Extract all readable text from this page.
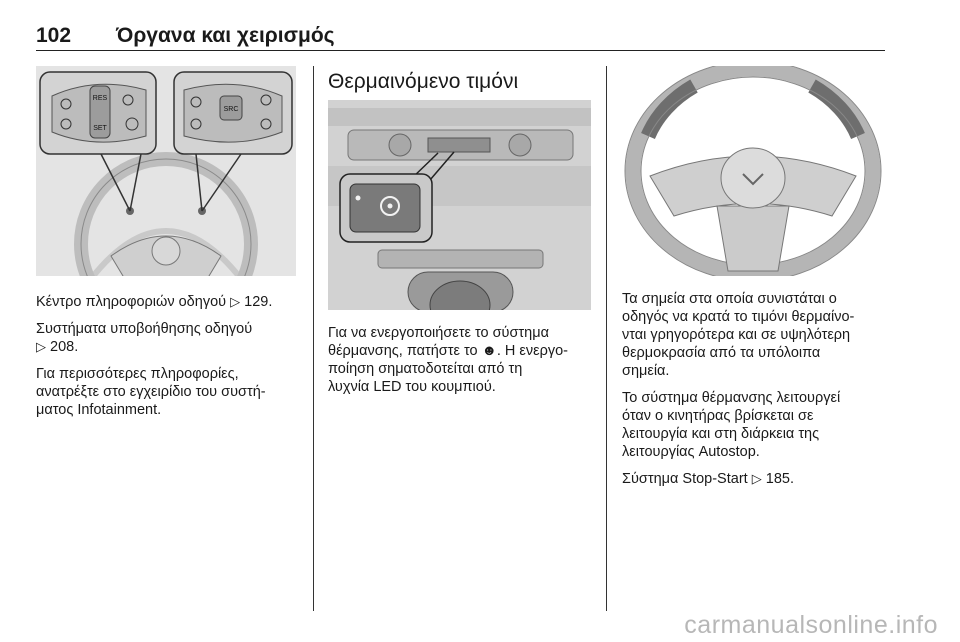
102 Όργανα και χειρισμός
RES
SET
SRC

Κέντρο πληροφοριών οδηγού ▷ 129.

Συστήματα υποβοήθησης οδηγού
▷ 208.

Για περισσότερες πληροφορίες,
ανατρέξτε στο εγχειρίδιο του συστή-
ματος Infotainment.

Θερμαινόμενο τιμόνι

Για να ενεργοποιήσετε το σύστημα
θέρμανσης, πατήστε το ☻. Η ενεργο-
ποίηση σηματοδοτείται από τη
λυχνία LED του κουμπιού.

Τα σημεία στα οποία συνιστάται ο
οδηγός να κρατά το τιμόνι θερμαίνο-
νται γρηγορότερα και σε υψηλότερη
θερμοκρασία από τα υπόλοιπα
σημεία.

Το σύστημα θέρμανσης λειτουργεί
όταν ο κινητήρας βρίσκεται σε
λειτουργία και στη διάρκεια της
λειτουργίας Autostop.

Σύστημα Stop-Start ▷ 185.

carmanualsonline.info
